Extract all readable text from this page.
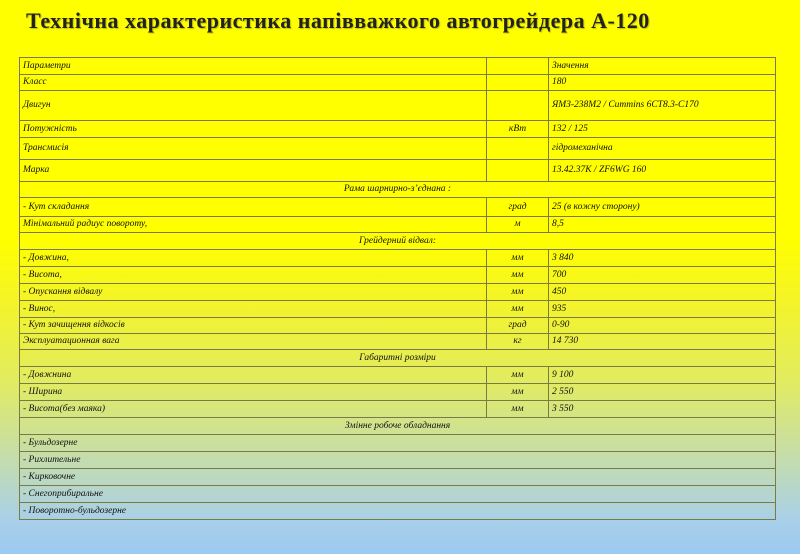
Технічна характеристика напівважкого автогрейдера А-120
Параметри		Значення
Класс		180
Двигун		ЯМЗ-238М2 / Cummins 6CT8.3-C170
Потужність	кВт	132 / 125
Трансмисія		гідромеханічна
Марка		13.42.37К / ZF6WG 160
Рама шарнирно-з’єднана :		
- Кут складання	град	25 (в кожну сторону)
Мінімальний радиус повороту,	м	8,5
Грейдерний відвал:		
- Довжина,	мм	3 840
- Висота,	мм	700
- Опускання відвалу	мм	450
- Винос,	мм	935
- Кут зачищення відкосів	град	0-90
Эксплуатационная вага	кг	14 730
Габаритні розміри		
- Довжнина	мм	9 100
- Ширина	мм	2 550
- Висота(без маяка)	мм	3 550
Змінне робоче обладнання		
- Бульдозерне		
- Рихлительне		
- Кирковочне		
- Снегоприбиральне		
- Поворотно-бульдозерне		
